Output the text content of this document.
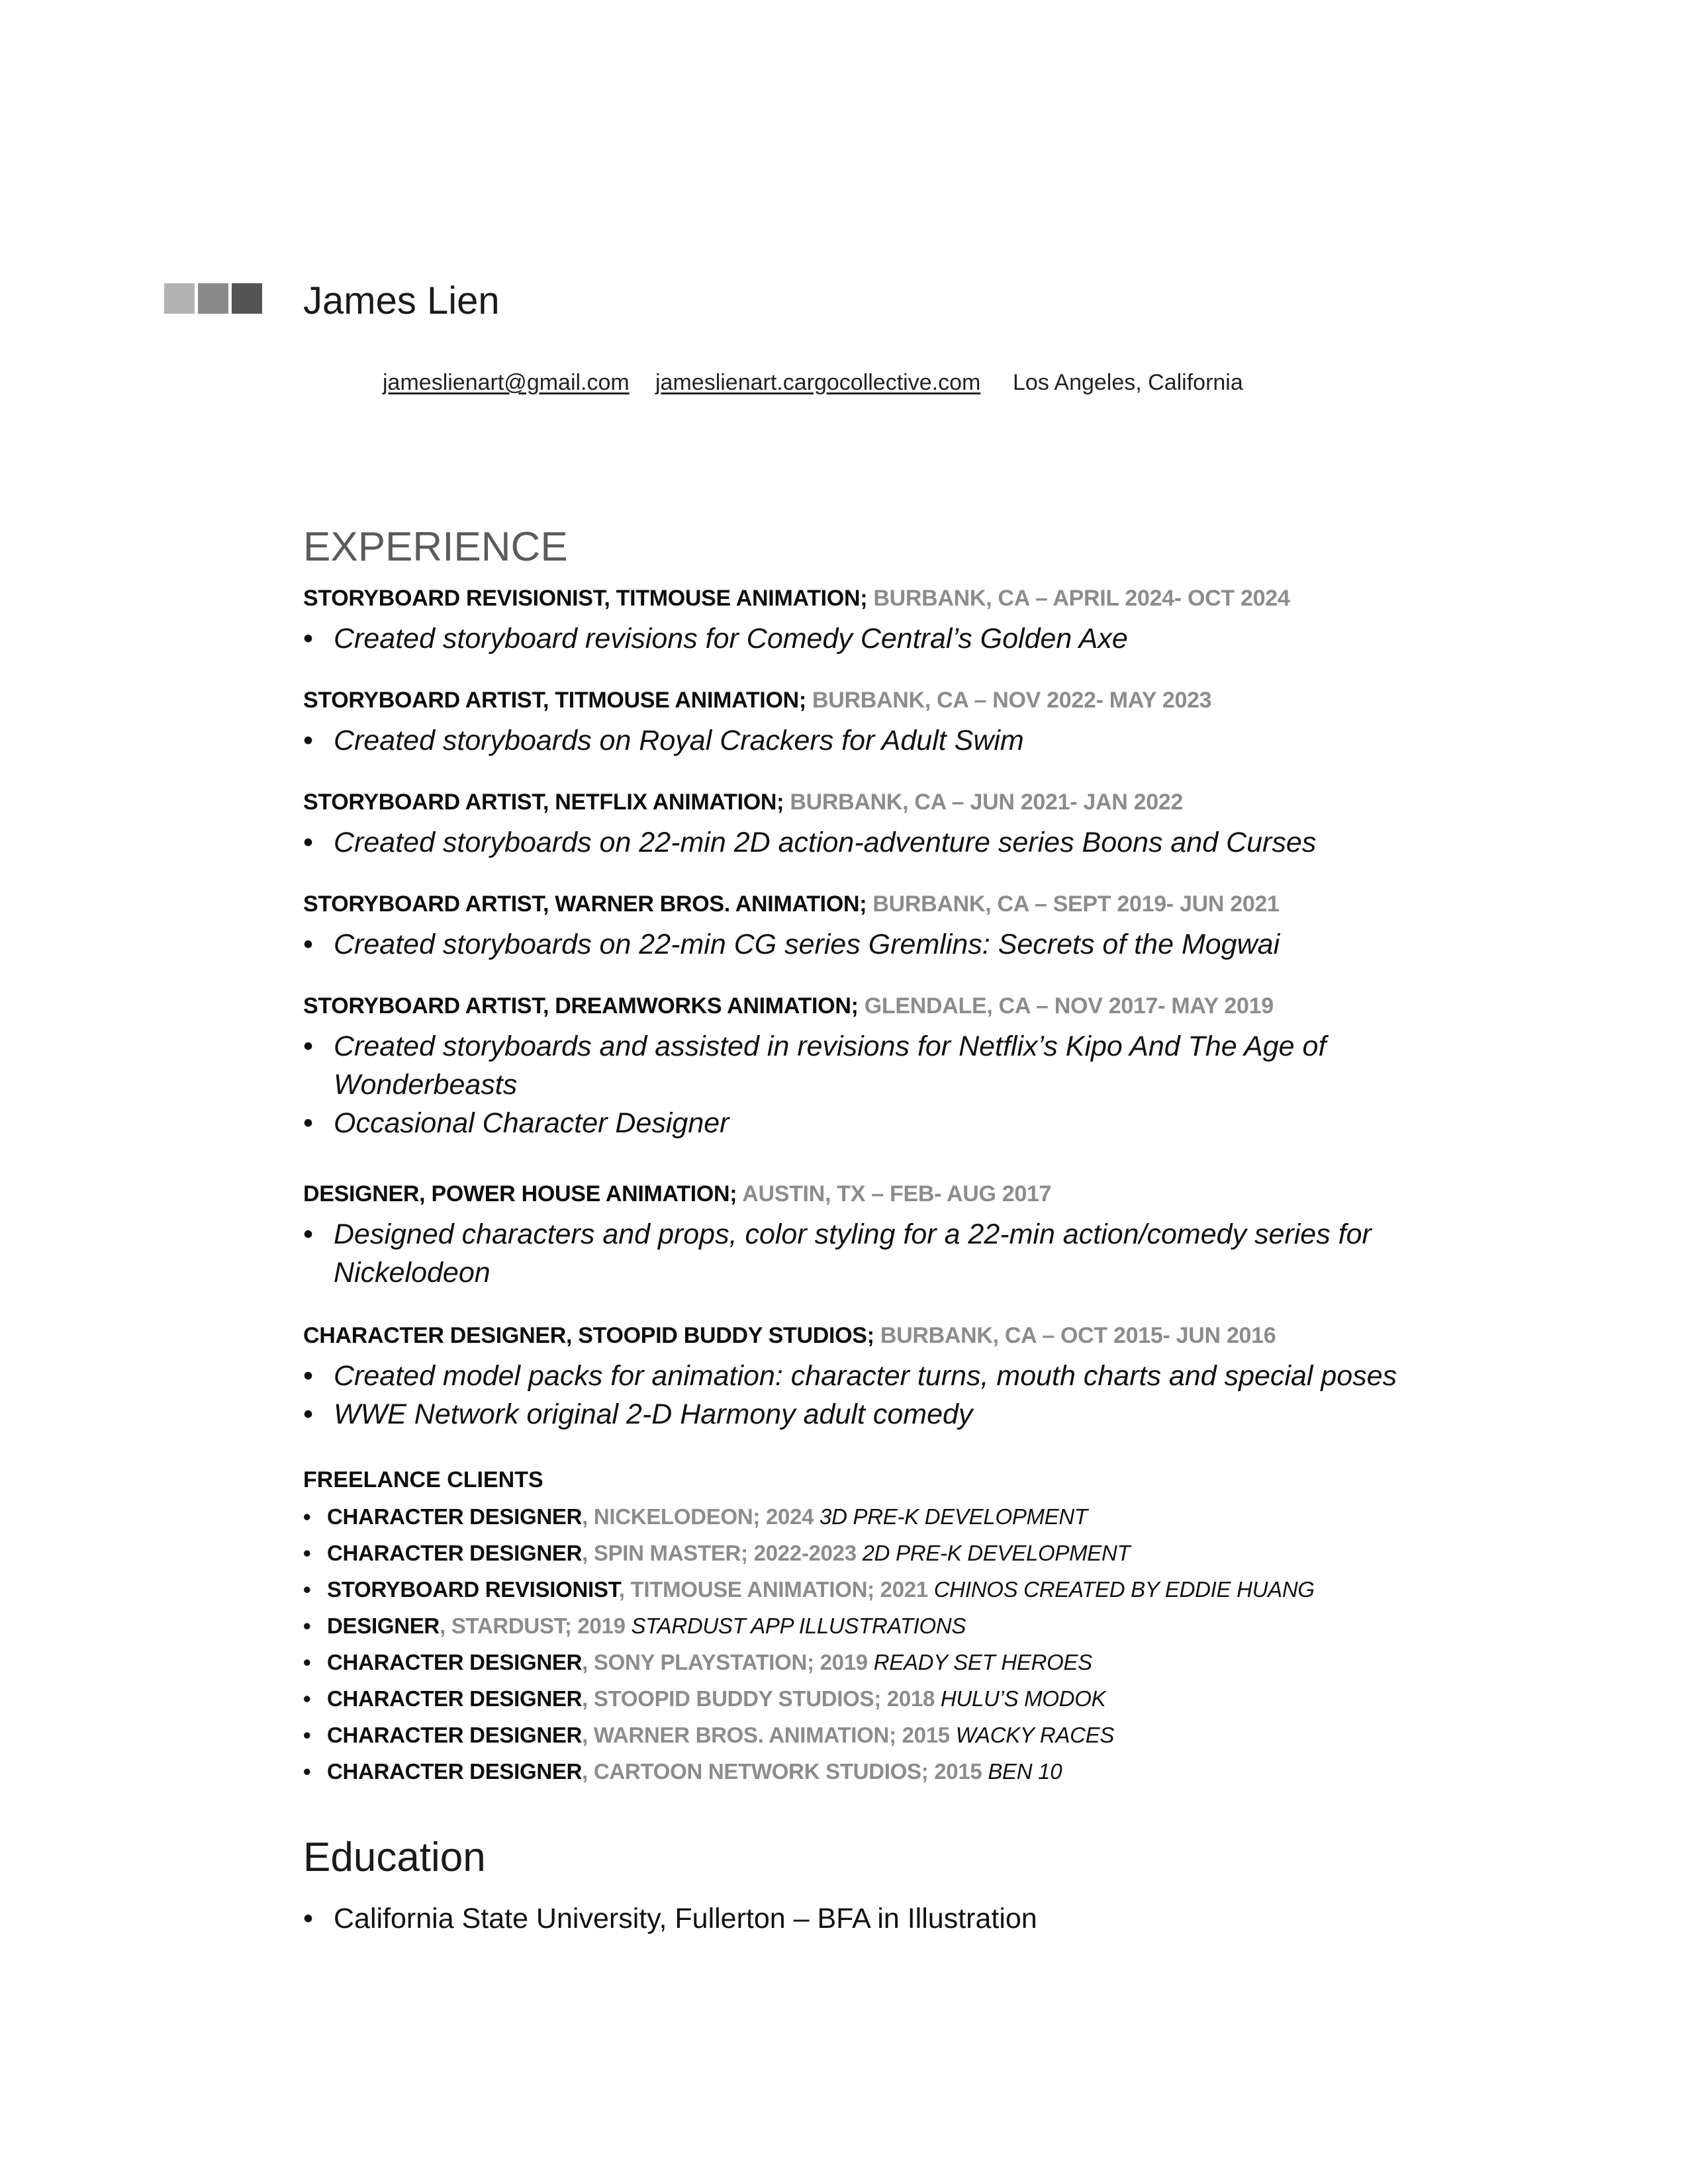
James Lien
jameslienart@gmail.com jameslienart.cargocollective.com Los Angeles, California
EXPERIENCE
STORYBOARD REVISIONIST, TITMOUSE ANIMATION; BURBANK, CA – APRIL 2024- OCT 2024
• Created storyboard revisions for Comedy Central’s Golden Axe
STORYBOARD ARTIST, TITMOUSE ANIMATION; BURBANK, CA – NOV 2022- MAY 2023
• Created storyboards on Royal Crackers for Adult Swim
STORYBOARD ARTIST, NETFLIX ANIMATION; BURBANK, CA – JUN 2021- JAN 2022
• Created storyboards on 22-min 2D action-adventure series Boons and Curses
STORYBOARD ARTIST, WARNER BROS. ANIMATION; BURBANK, CA – SEPT 2019- JUN 2021
• Created storyboards on 22-min CG series Gremlins: Secrets of the Mogwai
STORYBOARD ARTIST, DREAMWORKS ANIMATION; GLENDALE, CA – NOV 2017- MAY 2019
• Created storyboards and assisted in revisions for Netflix’s Kipo And The Age of Wonderbeasts
• Occasional Character Designer
DESIGNER, POWER HOUSE ANIMATION; AUSTIN, TX – FEB- AUG 2017
• Designed characters and props, color styling for a 22-min action/comedy series for Nickelodeon
CHARACTER DESIGNER, STOOPID BUDDY STUDIOS; BURBANK, CA – OCT 2015- JUN 2016
• Created model packs for animation: character turns, mouth charts and special poses
• WWE Network original 2-D Harmony adult comedy
FREELANCE CLIENTS
• CHARACTER DESIGNER, NICKELODEON; 2024 3D PRE-K DEVELOPMENT
• CHARACTER DESIGNER, SPIN MASTER; 2022-2023 2D PRE-K DEVELOPMENT
• STORYBOARD REVISIONIST, TITMOUSE ANIMATION; 2021 CHINOS CREATED BY EDDIE HUANG
• DESIGNER, STARDUST; 2019 STARDUST APP ILLUSTRATIONS
• CHARACTER DESIGNER, SONY PLAYSTATION; 2019 READY SET HEROES
• CHARACTER DESIGNER, STOOPID BUDDY STUDIOS; 2018 HULU’S MODOK
• CHARACTER DESIGNER, WARNER BROS. ANIMATION; 2015 WACKY RACES
• CHARACTER DESIGNER, CARTOON NETWORK STUDIOS; 2015 BEN 10
Education
• California State University, Fullerton – BFA in Illustration
